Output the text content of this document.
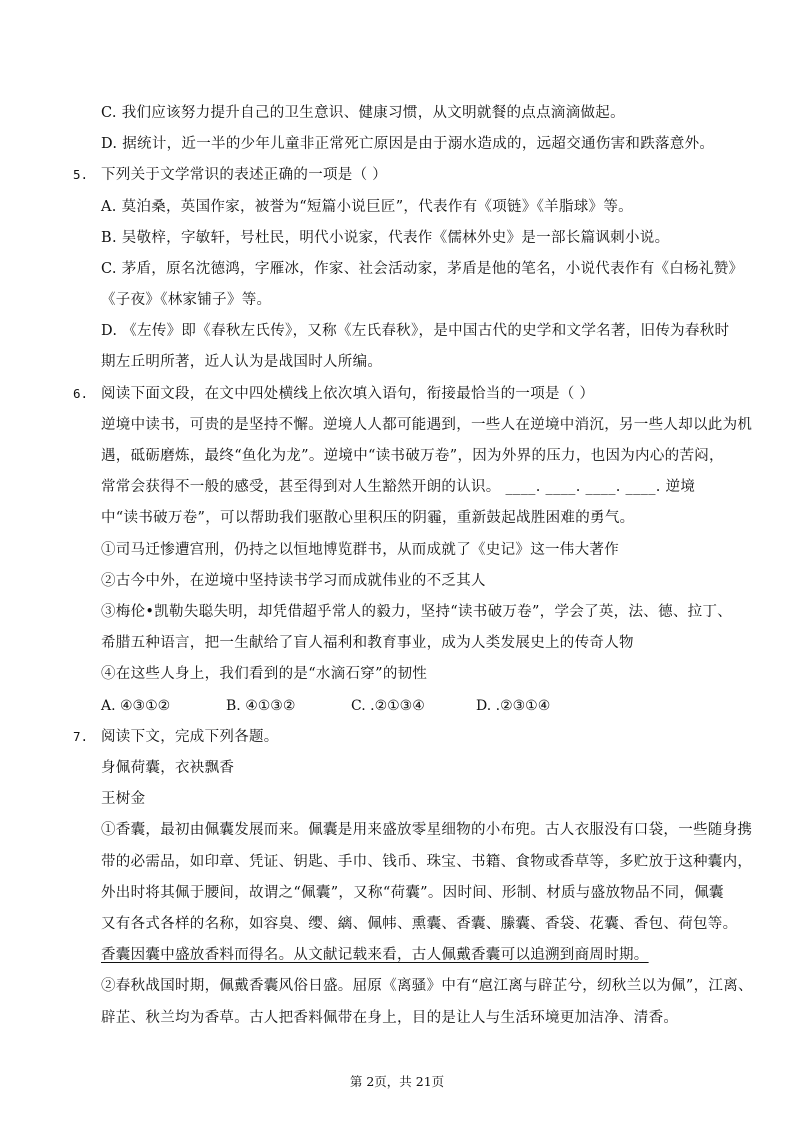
C. 我们应该努力提升自己的卫生意识、健康习惯，从文明就餐的点点滴滴做起。
D. 据统计，近一半的少年儿童非正常死亡原因是由于溺水造成的，远超交通伤害和跌落意外。
5. 下列关于文学常识的表述正确的一项是（ ）
A. 莫泊桑，英国作家，被誉为“短篇小说巨匠”，代表作有《项链》《羊脂球》等。
B. 吴敬梓，字敏轩，号杜民，明代小说家，代表作《儒林外史》是一部长篇讽刺小说。
C. 茅盾，原名沈德鸿，字雁冰，作家、社会活动家，茅盾是他的笔名，小说代表作有《白杨礼赞》
《子夜》《林家铺子》等。
D. 《左传》即《春秋左氏传》，又称《左氏春秋》，是中国古代的史学和文学名著，旧传为春秋时
期左丘明所著，近人认为是战国时人所编。
6. 阅读下面文段，在文中四处横线上依次填入语句，衔接最恰当的一项是（ ）
逆境中读书，可贵的是坚持不懈。逆境人人都可能遇到，一些人在逆境中消沉，另一些人却以此为机
遇，砥砺磨炼，最终“鱼化为龙”。逆境中“读书破万卷”，因为外界的压力，也因为内心的苦闷，
常常会获得不一般的感受，甚至得到对人生豁然开朗的认识。 ____. ____. ____. ____. 逆境
中“读书破万卷”，可以帮助我们驱散心里积压的阴霾，重新鼓起战胜困难的勇气。
①司马迁惨遭宫刑，仍持之以恒地博览群书，从而成就了《史记》这一伟大著作
②古今中外，在逆境中坚持读书学习而成就伟业的不乏其人
③梅伦•凯勒失聪失明，却凭借超乎常人的毅力，坚持“读书破万卷”，学会了英，法、德、拉丁、
希腊五种语言，把一生献给了盲人福利和教育事业，成为人类发展史上的传奇人物
④在这些人身上，我们看到的是“水滴石穿”的韧性
A. ④③①②	B. ④①③②	C. .②①③④	D. .②③①④
7. 阅读下文，完成下列各题。
身佩荷囊，衣袂飘香
王树金
①香囊，最初由佩囊发展而来。佩囊是用来盛放零星细物的小布兜。古人衣服没有口袋，一些随身携
带的必需品，如印章、凭证、钥匙、手巾、钱币、珠宝、书籍、食物或香草等，多贮放于这种囊内，
外出时将其佩于腰间，故谓之“佩囊”，又称“荷囊”。因时间、形制、材质与盛放物品不同，佩囊
又有各式各样的名称，如容臭、缨、縭、佩帏、熏囊、香囊、縢囊、香袋、花囊、香包、荷包等。
香囊因囊中盛放香料而得名。从文献记载来看，古人佩戴香囊可以追溯到商周时期。
②春秋战国时期，佩戴香囊风俗日盛。屈原《离骚》中有“扈江离与辟芷兮，纫秋兰以为佩”，江离、
辟芷、秋兰均为香草。古人把香料佩带在身上，目的是让人与生活环境更加洁净、清香。
第 2页，共 21页
